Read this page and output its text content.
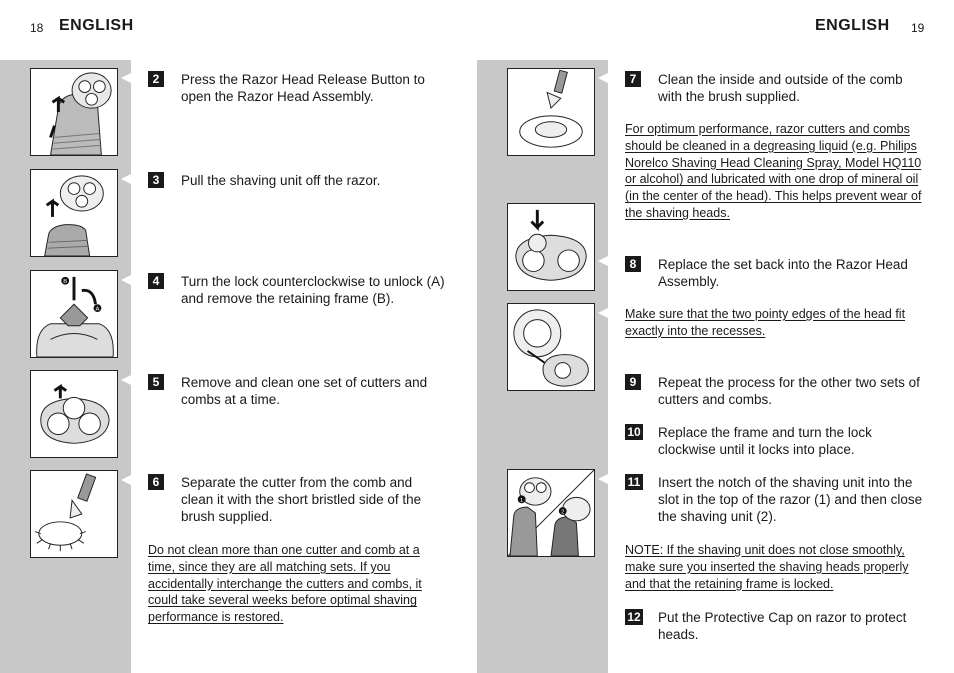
18 ENGLISH	ENGLISH 19
B
A
2	Press the Razor Head Release Button to open the Razor Head Assembly.
3	Pull the shaving unit off the razor.
4	Turn the lock counterclockwise to unlock (A) and remove the retaining frame (B).
5	Remove and clean one set of cutters and combs at a time.
6	Separate the cutter from the comb and clean it with the short bristled side of the brush supplied.
Do not clean more than one cutter and comb at a time, since they are all matching sets. If you accidentally interchange the cutters and combs, it could take several weeks before optimal shaving performance is restored.
1
2
7	Clean the inside and outside of the comb with the brush supplied.
For optimum performance, razor cutters and combs should be cleaned in a degreasing liquid (e.g. Philips Norelco Shaving Head Cleaning Spray, Model HQ110 or alcohol) and lubricated with one drop of mineral oil (in the center of the head). This helps prevent wear of the shaving heads.
8	Replace the set back into the Razor Head Assembly.
Make sure that the two pointy edges of the head fit exactly into the recesses.
9	Repeat the process for the other two sets of cutters and combs.
10 Replace the frame and turn the lock clockwise until it locks into place.
11 Insert the notch of the shaving unit into the slot in the top of the razor (1) and then close the shaving unit (2).
NOTE: If the shaving unit does not close smoothly, make sure you inserted the shaving heads properly and that the retaining frame is locked.
12 Put the Protective Cap on razor to protect heads.
